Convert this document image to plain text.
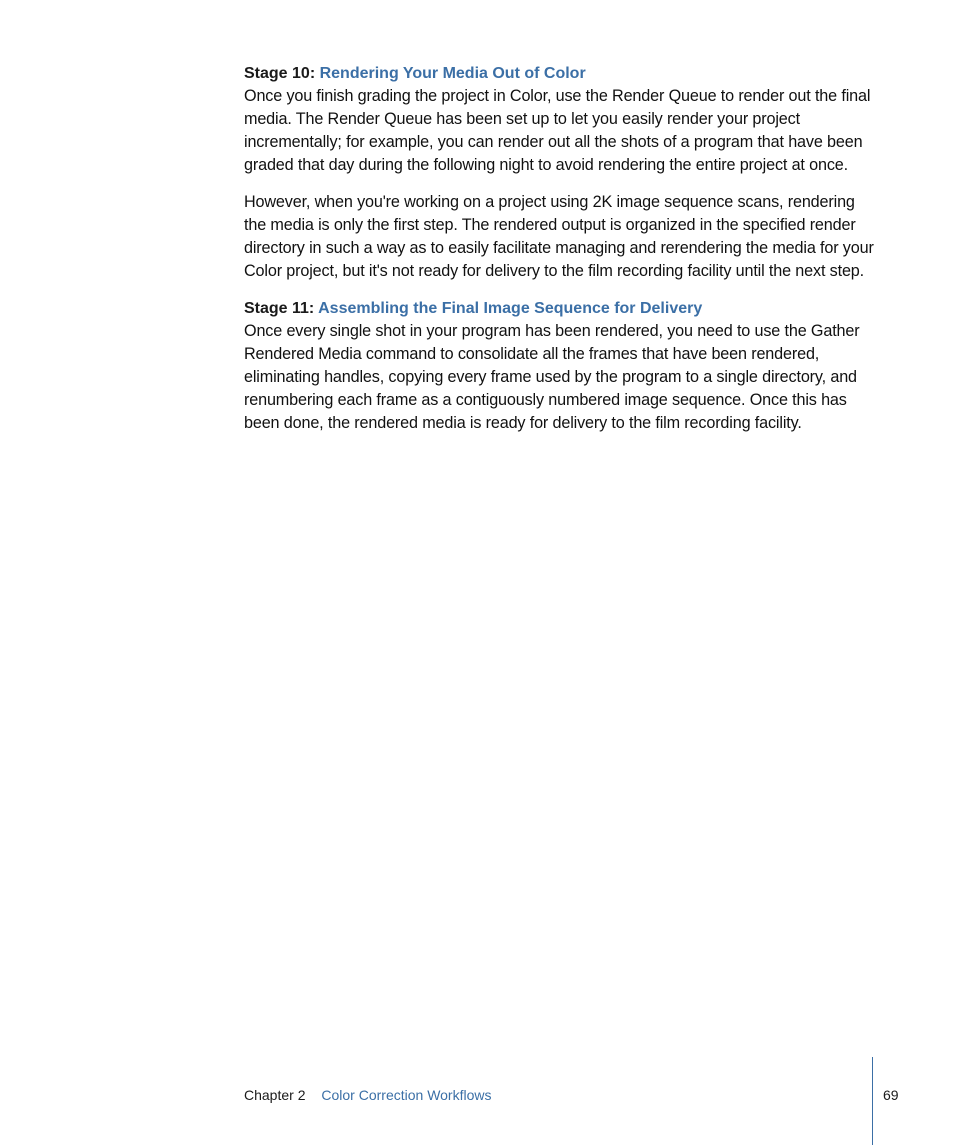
Stage 10: Rendering Your Media Out of Color

Once you finish grading the project in Color, use the Render Queue to render out the final media. The Render Queue has been set up to let you easily render your project incrementally; for example, you can render out all the shots of a program that have been graded that day during the following night to avoid rendering the entire project at once.

However, when you're working on a project using 2K image sequence scans, rendering the media is only the first step. The rendered output is organized in the specified render directory in such a way as to easily facilitate managing and rerendering the media for your Color project, but it's not ready for delivery to the film recording facility until the next step.

Stage 11: Assembling the Final Image Sequence for Delivery

Once every single shot in your program has been rendered, you need to use the Gather Rendered Media command to consolidate all the frames that have been rendered, eliminating handles, copying every frame used by the program to a single directory, and renumbering each frame as a contiguously numbered image sequence. Once this has been done, the rendered media is ready for delivery to the film recording facility.

Chapter 2 Color Correction Workflows	69
